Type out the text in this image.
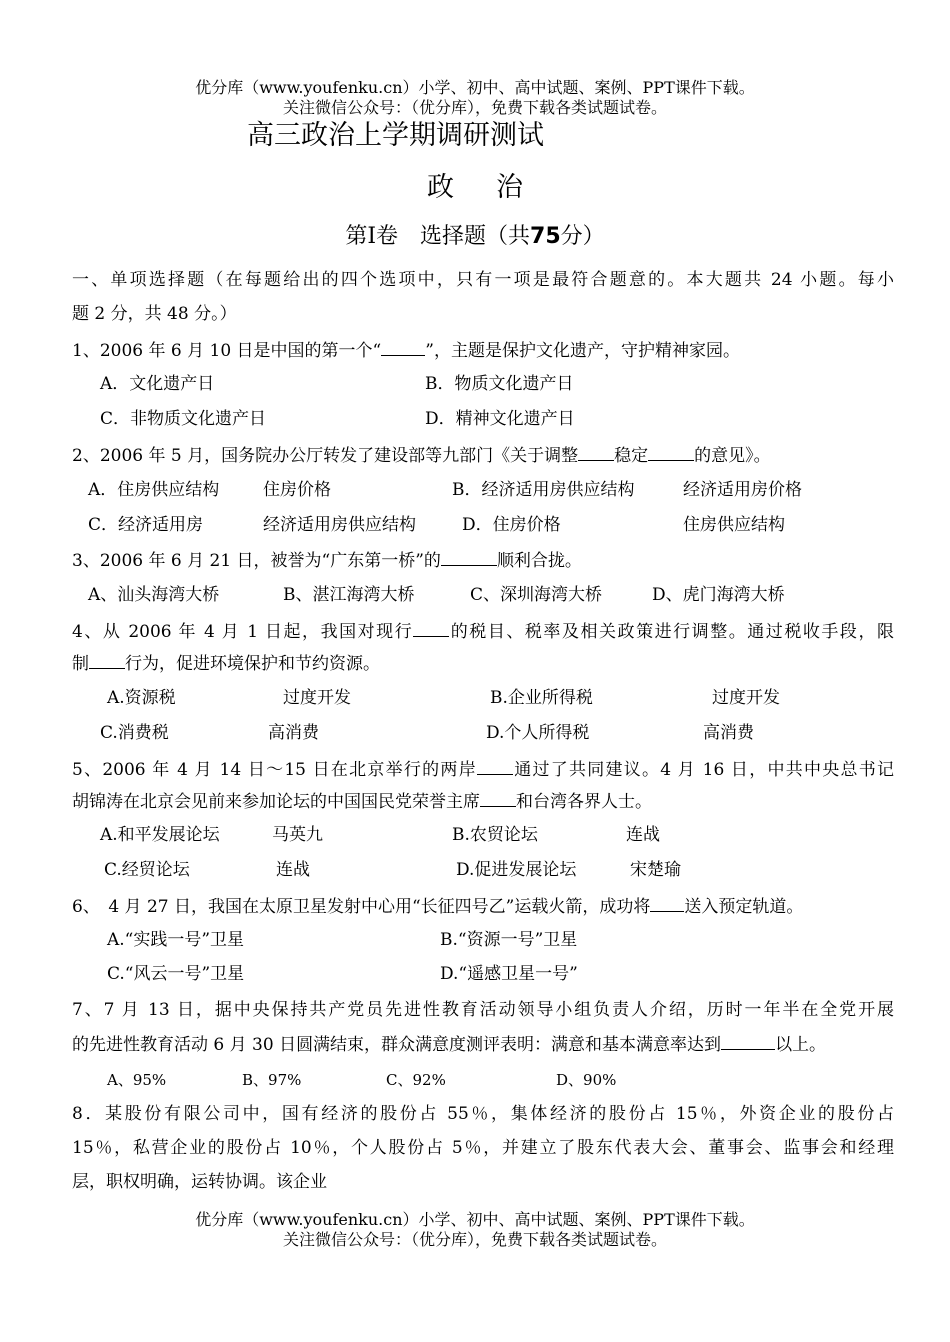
优分库（www.youfenku.cn）小学、初中、高中试题、案例、PPT课件下载。
关注微信公众号：（优分库），免费下载各类试题试卷。
高三政治上学期调研测试
政治
第Ⅰ卷　选择题（共75分）
一、单项选择题（在每题给出的四个选项中，只有一项是最符合题意的。本大题共 24 小题。每小
题 2 分，共 48 分。）
1、2006 年 6 月 10 日是中国的第一个“	”，主题是保护文化遗产，守护精神家园。
A．文化遗产日	B．物质文化遗产日
C．非物质文化遗产日	D．精神文化遗产日
2、2006 年 5 月，国务院办公厅转发了建设部等九部门《关于调整 稳定	的意见》。
A．住房供应结构	住房价格	B．经济适用房供应结构	经济适用房价格
C．经济适用房	经济适用房供应结构	D．住房价格	住房供应结构
3、2006 年 6 月 21 日，被誉为“广东第一桥”的	顺利合拢。
A、汕头海湾大桥	B、湛江海湾大桥	C、深圳海湾大桥	D、虎门海湾大桥
4、从 2006 年 4 月 1 日起，我国对现行 的税目、税率及相关政策进行调整。通过税收手段，限
制 行为，促进环境保护和节约资源。
A.资源税	过度开发	B.企业所得税	过度开发
C.消费税	高消费	D.个人所得税	高消费
5、2006 年 4 月 14 日～15 日在北京举行的两岸 通过了共同建议。4 月 16 日，中共中央总书记
胡锦涛在北京会见前来参加论坛的中国国民党荣誉主席 和台湾各界人士。
A.和平发展论坛	马英九	B.农贸论坛	连战
C.经贸论坛	连战	D.促进发展论坛	宋楚瑜
6、　4 月 27 日，我国在太原卫星发射中心用“长征四号乙”运载火箭，成功将 送入预定轨道。
A.“实践一号”卫星	B.“资源一号”卫星
C.“风云一号”卫星	D.“遥感卫星一号”
7、7 月 13 日，据中央保持共产党员先进性教育活动领导小组负责人介绍，历时一年半在全党开展
的先进性教育活动 6 月 30 日圆满结束，群众满意度测评表明：满意和基本满意率达到	以上。
A、95%	B、97%	C、92%	D、90%
8．某股份有限公司中，国有经济的股份占 55％，集体经济的股份占 15％，外资企业的股份占
15％，私营企业的股份占 10％，个人股份占 5％，并建立了股东代表大会、董事会、监事会和经理
层，职权明确，运转协调。该企业
优分库（www.youfenku.cn）小学、初中、高中试题、案例、PPT课件下载。
关注微信公众号：（优分库），免费下载各类试题试卷。
